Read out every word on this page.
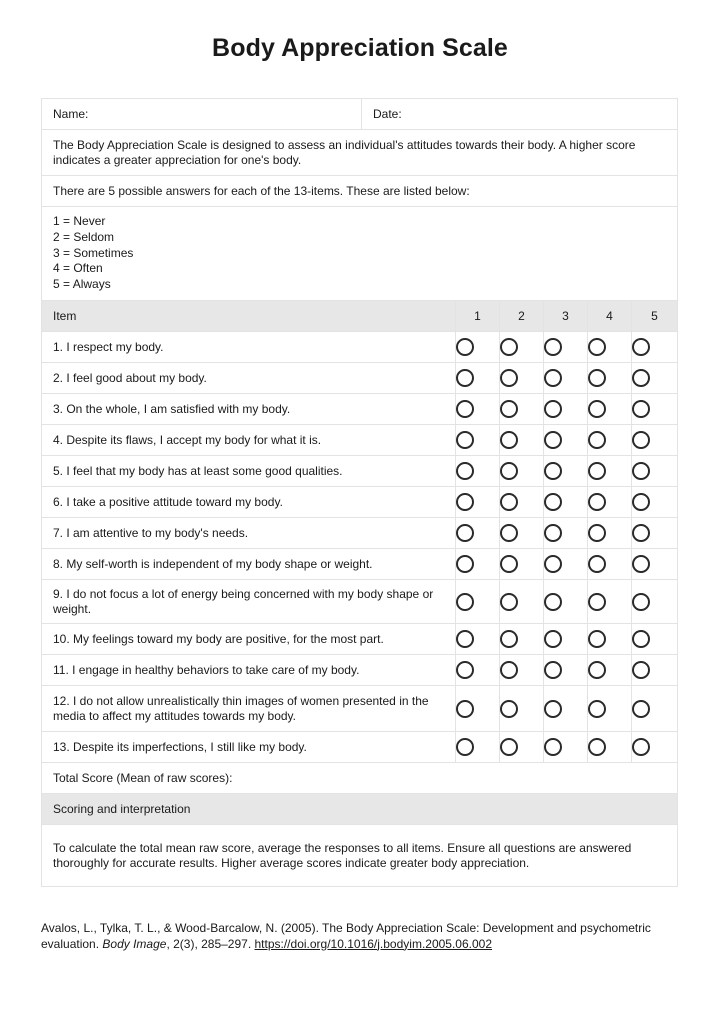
Body Appreciation Scale
Name:	Date:					
The Body Appreciation Scale is designed to assess an individual's attitudes towards their body. A higher score indicates a greater appreciation for one's body.						
There are 5 possible answers for each of the 13-items. These are listed below:						

1 = Never
2 = Seldom
3 = Sometimes
4 = Often
5 = Always						

Item		1	2	3	4	5
1. I respect my body.						
2. I feel good about my body.						
3. On the whole, I am satisfied with my body.						
4. Despite its flaws, I accept my body for what it is.						
5. I feel that my body has at least some good qualities.						
6. I take a positive attitude toward my body.						
7. I am attentive to my body's needs.						
8. My self-worth is independent of my body shape or weight.						
9. I do not focus a lot of energy being concerned with my body shape or weight.						
10. My feelings toward my body are positive, for the most part.						
11. I engage in healthy behaviors to take care of my body.						
12. I do not allow unrealistically thin images of women presented in the media to affect my attitudes towards my body.						
13. Despite its imperfections, I still like my body.						
Total Score (Mean of raw scores):						
Scoring and interpretation						
To calculate the total mean raw score, average the responses to all items. Ensure all questions are answered thoroughly for accurate results. Higher average scores indicate greater body appreciation.						
Avalos, L., Tylka, T. L., & Wood-Barcalow, N. (2005). The Body Appreciation Scale: Development and psychometric evaluation. Body Image, 2(3), 285–297. https://doi.org/10.1016/j.bodyim.2005.06.002
